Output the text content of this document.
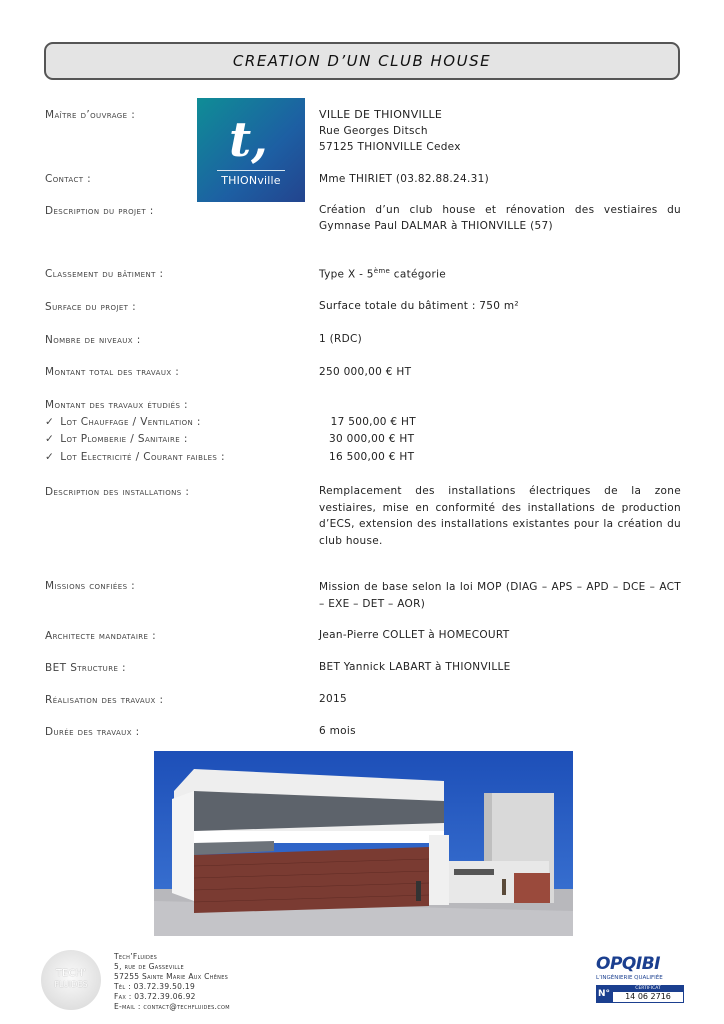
CREATION D’UN CLUB HOUSE
t,
THIONville
Maître d’ouvrage :	VILLE DE THIONVILLE
Rue Georges Ditsch
57125 THIONVILLE Cedex
Contact :	Mme THIRIET (03.82.88.24.31)
Description du projet :	Création d’un club house et rénovation des vestiaires du Gymnase Paul DALMAR à THIONVILLE (57)
Classement du bâtiment :	Type X - 5ème catégorie
Surface du projet :	Surface totale du bâtiment : 750 m²
Nombre de niveaux :	1 (RDC)
Montant total des travaux :	250 000,00 € HT
Montant des travaux étudiés :
✓ Lot Chauffage / Ventilation :	17 500,00 € HT
✓ Lot Plomberie / Sanitaire :	30 000,00 € HT
✓ Lot Electricité / Courant faibles :	16 500,00 € HT
Description des installations :	Remplacement des installations électriques de la zone vestiaires, mise en conformité des installations de production d’ECS, extension des installations existantes pour la création du club house.
Missions confiées :	Mission de base selon la loi MOP (DIAG – APS – APD – DCE – ACT – EXE – DET – AOR)
Architecte mandataire :	Jean-Pierre COLLET à HOMECOURT
BET Structure :	BET Yannick LABART à THIONVILLE
Réalisation des travaux :	2015
Durée des travaux :	6 mois
TECH’
FLUIDES
Tech’Fluides
5, rue de Gasseville
57255 Sainte Marie Aux Chênes
Tél : 03.72.39.50.19
Fax : 03.72.39.06.92
E-mail : contact@techfluides.com
OPQIBI
L’INGÉNIERIE QUALIFIÉE
N°
CERTIFICAT
14 06 2716
